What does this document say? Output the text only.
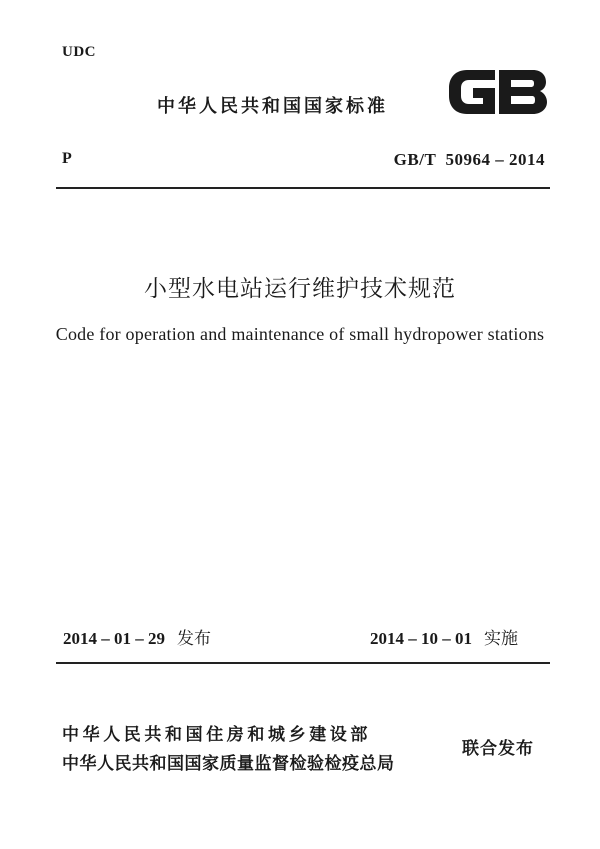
UDC
中华人民共和国国家标准
P	GB/T  50964 – 2014
小型水电站运行维护技术规范
Code for operation and maintenance of small hydropower stations
2014 – 01 – 29 发布	2014 – 10 – 01 实施
中华人民共和国住房和城乡建设部
中华人民共和国国家质量监督检验检疫总局
联合发布
